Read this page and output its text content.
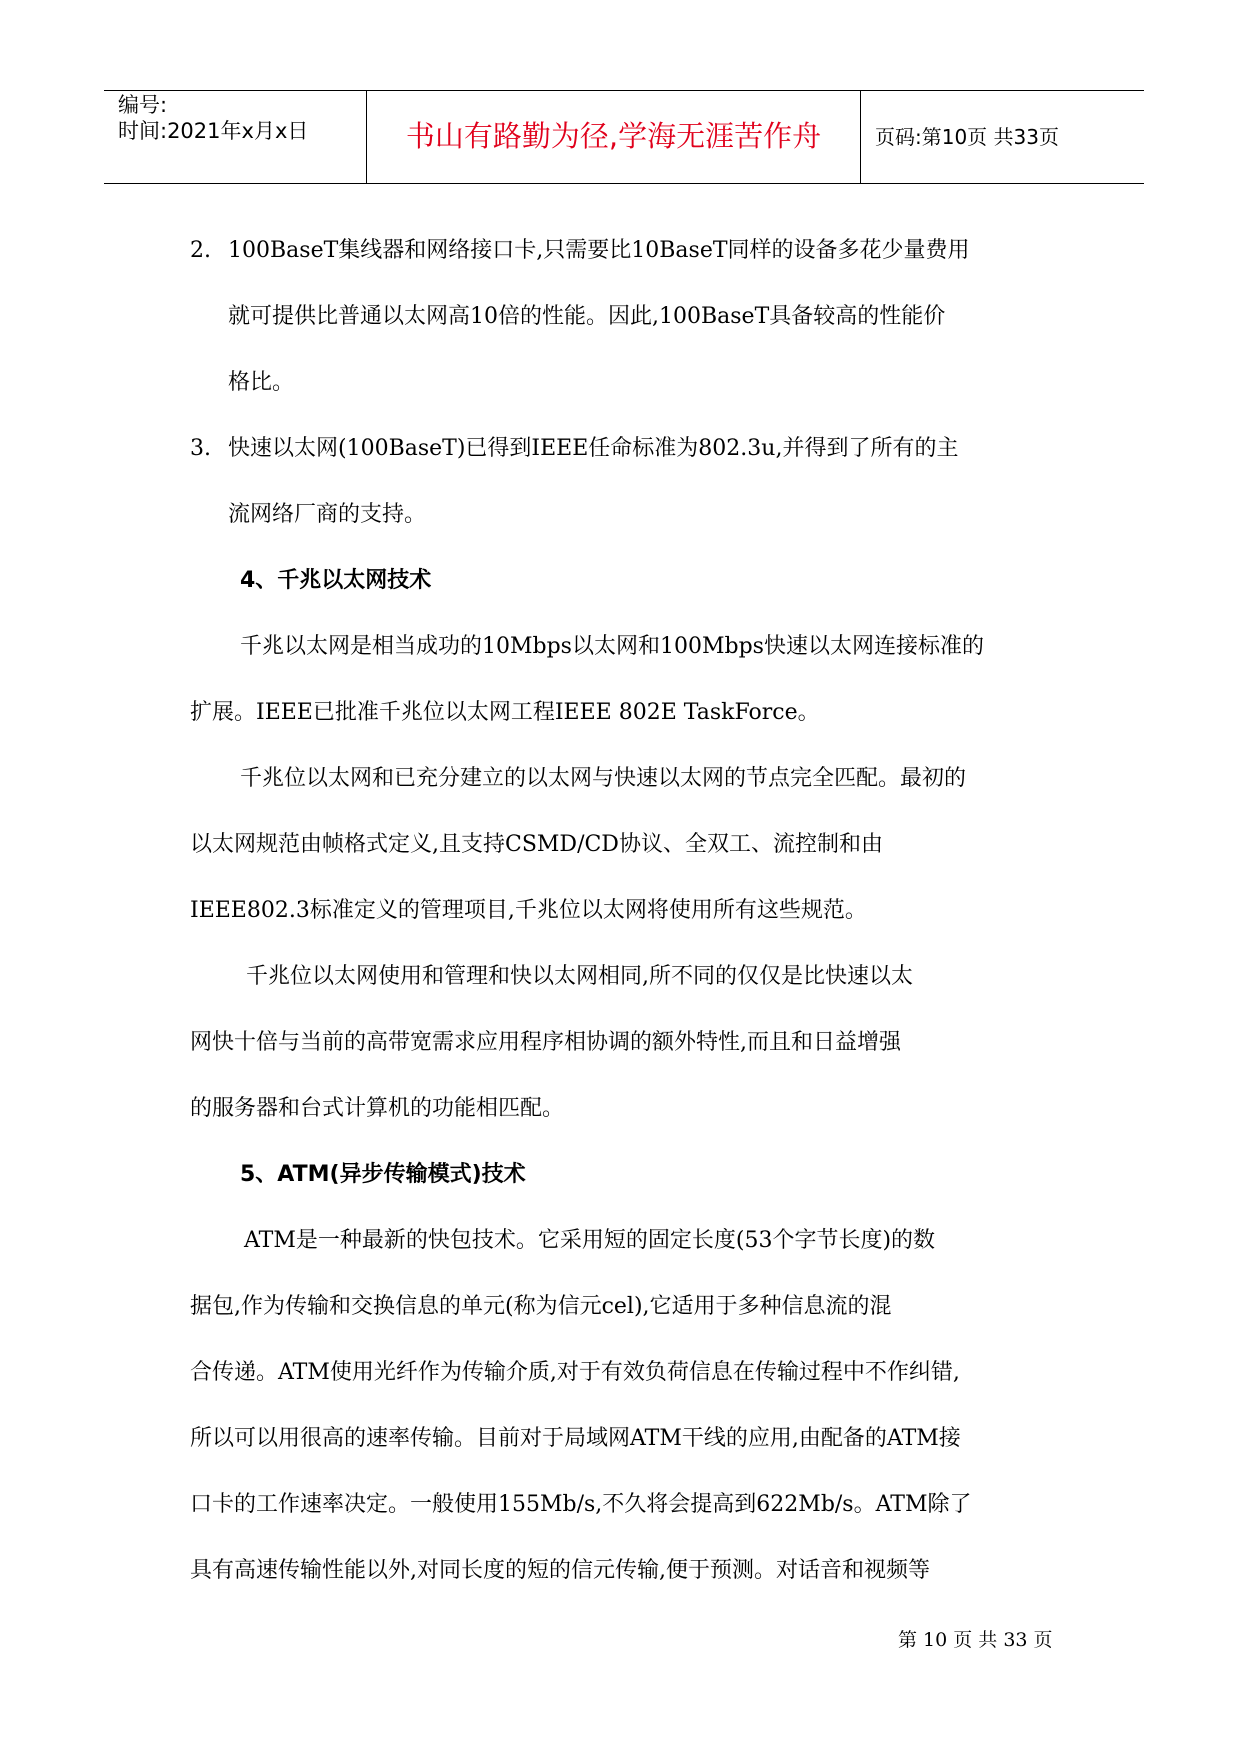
编号:
时间:2021年x月x日	书山有路勤为径,学海无涯苦作舟	页码:第10页 共33页
2. 100BaseT集线器和网络接口卡,只需要比10BaseT同样的设备多花少量费用

就可提供比普通以太网高10倍的性能。因此,100BaseT具备较高的性能价

格比。

3. 快速以太网(100BaseT)已得到IEEE任命标准为802.3u,并得到了所有的主

流网络厂商的支持。

4、千兆以太网技术

千兆以太网是相当成功的10Mbps以太网和100Mbps快速以太网连接标准的

扩展。IEEE已批准千兆位以太网工程IEEE 802E TaskForce。

千兆位以太网和已充分建立的以太网与快速以太网的节点完全匹配。最初的

以太网规范由帧格式定义,且支持CSMD/CD协议、全双工、流控制和由

IEEE802.3标准定义的管理项目,千兆位以太网将使用所有这些规范。

千兆位以太网使用和管理和快以太网相同,所不同的仅仅是比快速以太

网快十倍与当前的高带宽需求应用程序相协调的额外特性,而且和日益增强

的服务器和台式计算机的功能相匹配。

5、ATM(异步传输模式)技术

ATM是一种最新的快包技术。它采用短的固定长度(53个字节长度)的数

据包,作为传输和交换信息的单元(称为信元cel),它适用于多种信息流的混

合传递。ATM使用光纤作为传输介质,对于有效负荷信息在传输过程中不作纠错,

所以可以用很高的速率传输。目前对于局域网ATM干线的应用,由配备的ATM接

口卡的工作速率决定。一般使用155Mb/s,不久将会提高到622Mb/s。ATM除了

具有高速传输性能以外,对同长度的短的信元传输,便于预测。对话音和视频等

第 10 页 共 33 页
